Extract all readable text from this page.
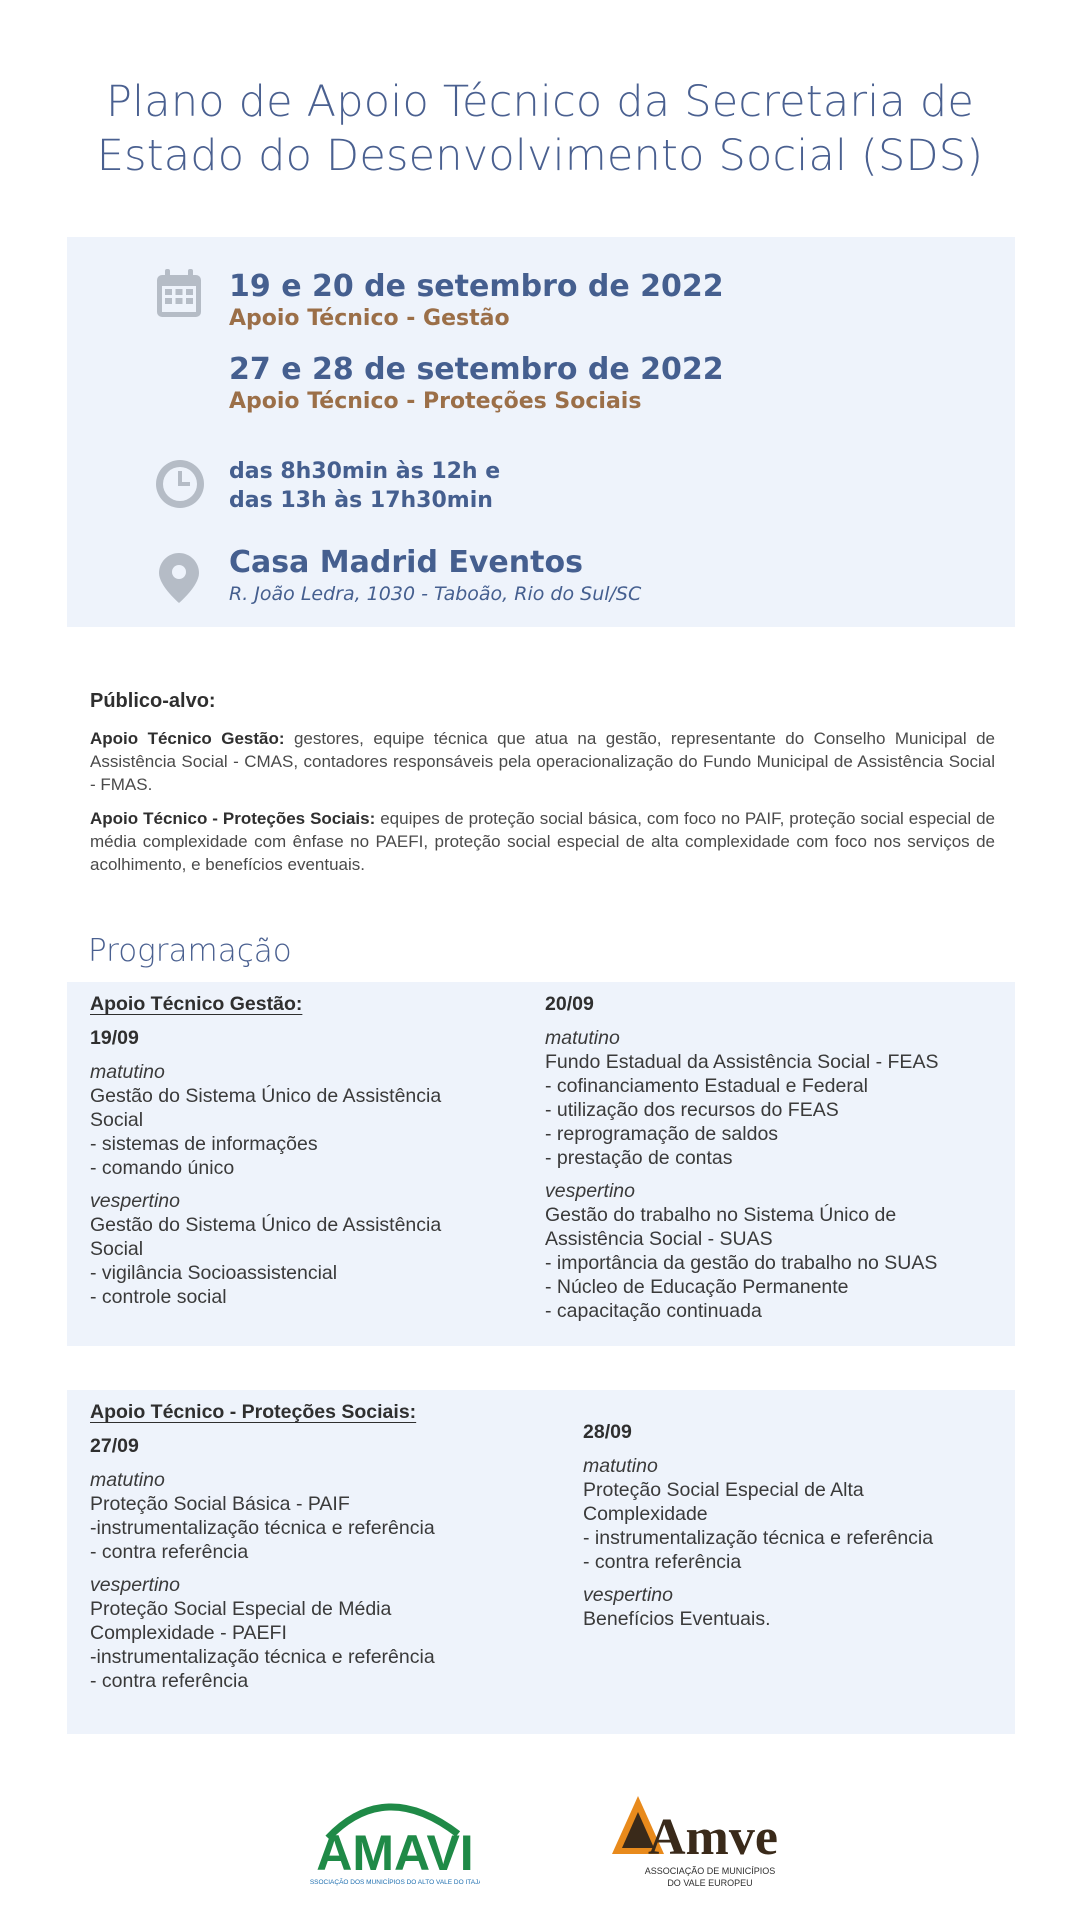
Plano de Apoio Técnico da Secretaria de
Estado do Desenvolvimento Social (SDS)
19 e 20 de setembro de 2022
Apoio Técnico - Gestão
27 e 28 de setembro de 2022
Apoio Técnico - Proteções Sociais
das 8h30min às 12h e
das 13h às 17h30min
Casa Madrid Eventos
R. João Ledra, 1030 - Taboão, Rio do Sul/SC
Público-alvo:

Apoio Técnico Gestão: gestores, equipe técnica que atua na gestão, representante do Conselho Municipal de Assistência Social - CMAS, contadores responsáveis pela operacionalização do Fundo Municipal de Assistência Social - FMAS.

Apoio Técnico - Proteções Sociais: equipes de proteção social básica, com foco no PAIF, proteção social especial de média complexidade com ênfase no PAEFI, proteção social especial de alta complexidade com foco nos serviços de acolhimento, e benefícios eventuais.

Programação
Apoio Técnico Gestão:
19/09
matutino
Gestão do Sistema Único de Assistência
Social
- sistemas de informações
- comando único
vespertino
Gestão do Sistema Único de Assistência
Social
- vigilância Socioassistencial
- controle social
20/09
matutino
Fundo Estadual da Assistência Social - FEAS
- cofinanciamento Estadual e Federal
- utilização dos recursos do FEAS
- reprogramação de saldos
- prestação de contas
vespertino
Gestão do trabalho no Sistema Único de
Assistência Social - SUAS
- importância da gestão do trabalho no SUAS
- Núcleo de Educação Permanente
- capacitação continuada
Apoio Técnico - Proteções Sociais:
27/09
matutino
Proteção Social Básica - PAIF
-instrumentalização técnica e referência
- contra referência
vespertino
Proteção Social Especial de Média
Complexidade - PAEFI
-instrumentalização técnica e referência
- contra referência
28/09
matutino
Proteção Social Especial de Alta
Complexidade
- instrumentalização técnica e referência
- contra referência
vespertino
Benefícios Eventuais.
AMAVI
ASSOCIAÇÃO DOS MUNICÍPIOS DO ALTO VALE DO ITAJAÍ
Amve
ASSOCIAÇÃO DE MUNICÍPIOS
DO VALE EUROPEU
